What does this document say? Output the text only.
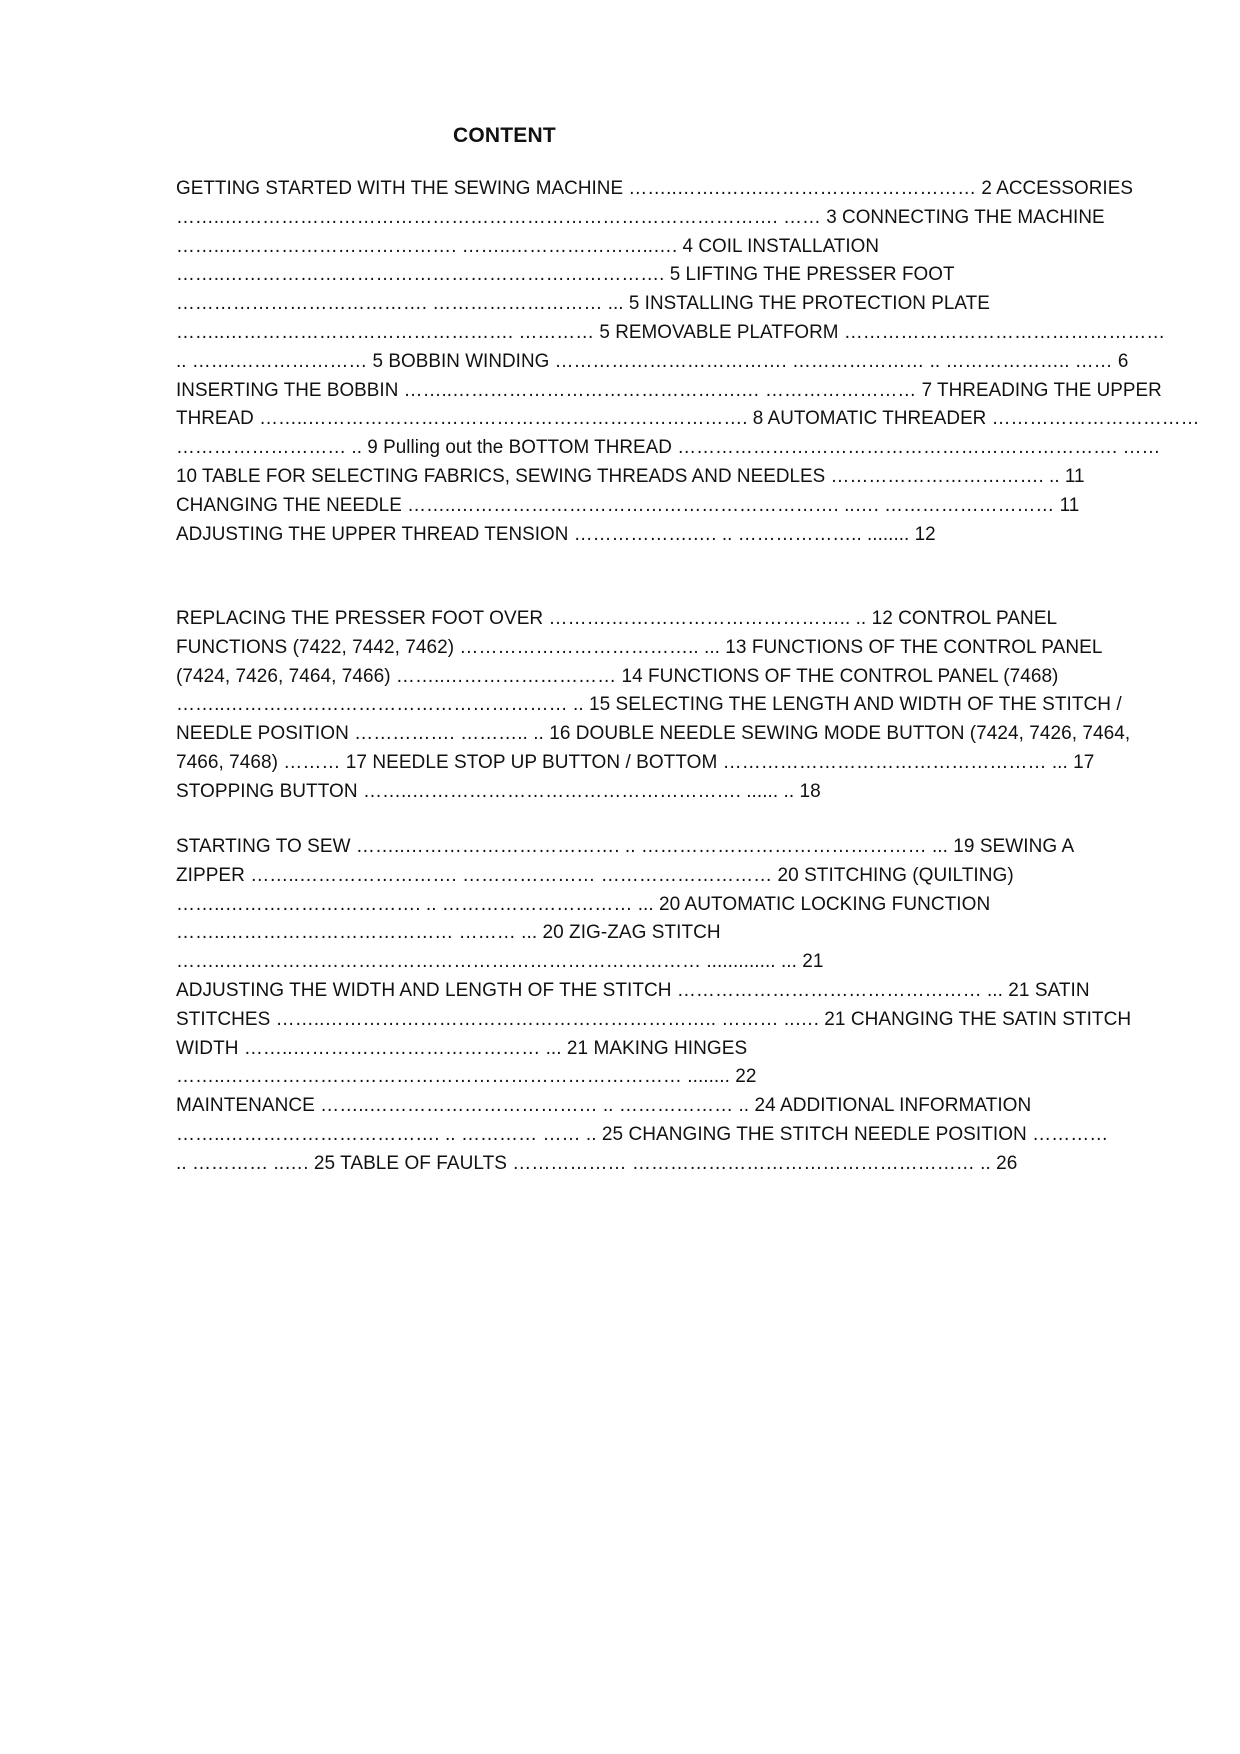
CONTENT
GETTING STARTED WITH THE SEWING MACHINE ……..…….…….…………….……………… 2 ACCESSORIES
……..……………………………………………………………………………. …… 3 CONNECTING THE MACHINE
……..………………………………. ……..…………………..…. 4 COIL INSTALLATION
……..……………………………………………………………. 5 LIFTING THE PRESSER FOOT
…………………………………. ……………………… ... 5 INSTALLING THE PROTECTION PLATE
……..………………………………………. ………… 5 REMOVABLE PLATFORM ……………………………………………
.. …….………………… 5 BOBBIN WINDING ………………………………. ………………… .. ……………….. …… 6
INSERTING THE BOBBIN ……..……………………………………….… …………………… 7 THREADING THE UPPER
THREAD ……..……………………………………………………………. 8 AUTOMATIC THREADER ……………………………
……………………… .. 9 Pulling out the BOTTOM THREAD ……………………………………………………………. ……
10 TABLE FOR SELECTING FABRICS, SEWING THREADS AND NEEDLES ……………………………. .. 11
CHANGING THE NEEDLE ……..……………………………………………………. ..…. ……………………… 11
ADJUSTING THE UPPER THREAD TENSION ……………….…. .. ……………….. ........ 12
REPLACING THE PRESSER FOOT OVER ……….……………………………….. .. 12 CONTROL PANEL
FUNCTIONS (7422, 7442, 7462) ……………………………….. ... 13 FUNCTIONS OF THE CONTROL PANEL
(7424, 7426, 7464, 7466) ……..……………………… 14 FUNCTIONS OF THE CONTROL PANEL (7468)
……..……………………………………………… .. 15 SELECTING THE LENGTH AND WIDTH OF THE STITCH /
NEEDLE POSITION ……………. ……….. .. 16 DOUBLE NEEDLE SEWING MODE BUTTON (7424, 7426, 7464,
7466, 7468) ……… 17 NEEDLE STOP UP BUTTON / BOTTOM …………………………………………… ... 17
STOPPING BUTTON ……..……………………………………………. ...... .. 18
STARTING TO SEW ……..……………………………. .. ……………………………………… ... 19 SEWING A
ZIPPER ……..……………………. ………………… ……………………… 20 STITCHING (QUILTING)
……..…………………………. .. ………………………… ... 20 AUTOMATIC LOCKING FUNCTION
……..……………………………… ……… ... 20 ZIG-ZAG STITCH
……..………………………………………………………………… ............. ... 21
ADJUSTING THE WIDTH AND LENGTH OF THE STITCH ………………………………………… ... 21 SATIN
STITCHES ……..…………………………………………………….. ……… ..…. 21 CHANGING THE SATIN STITCH
WIDTH ……..………………………………… ... 21 MAKING HINGES
……..……………………………………………………………… ........ 22
MAINTENANCE ……..……………………………… .. ……………… .. 24 ADDITIONAL INFORMATION
……..……………………………. .. ………… …… .. 25 CHANGING THE STITCH NEEDLE POSITION …………
.. ………… ..…. 25 TABLE OF FAULTS ……………… ……………………………………………… .. 26
